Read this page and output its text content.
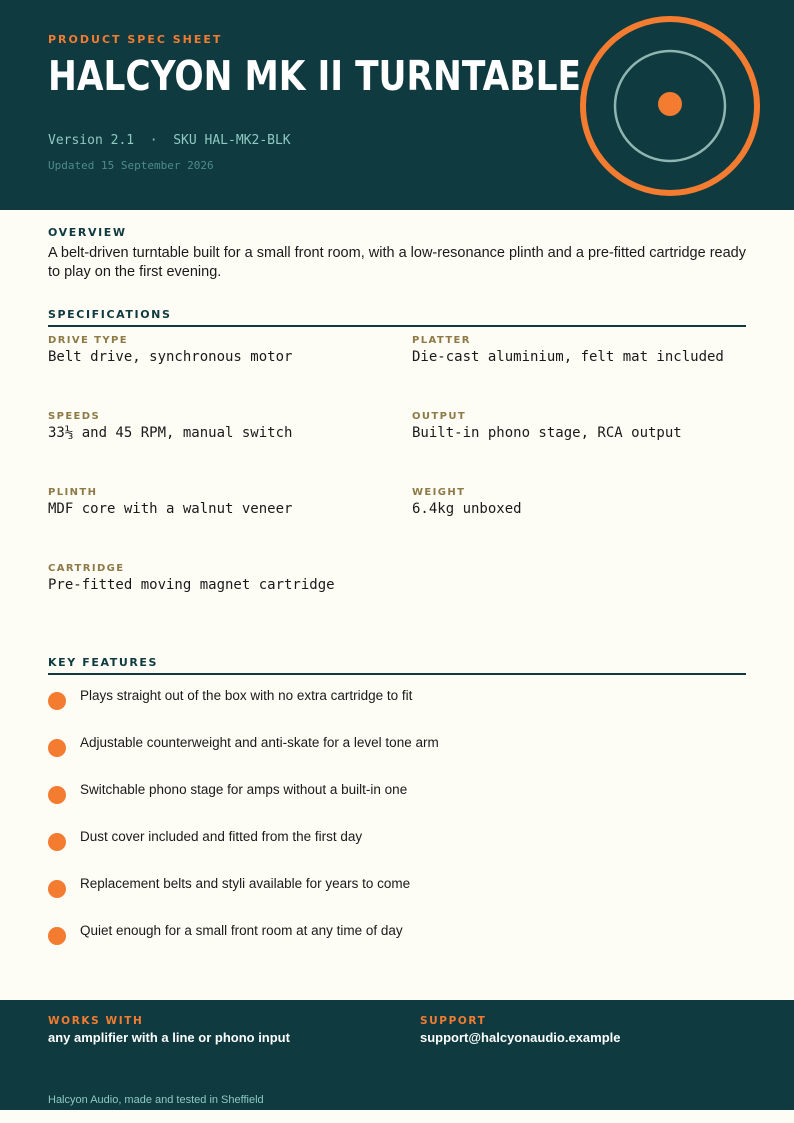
PRODUCT SPEC SHEET
HALCYON MK II TURNTABLE
Version 2.1  ·  SKU HAL-MK2-BLK
Updated 15 September 2026
OVERVIEW
A belt-driven turntable built for a small front room, with a low-resonance plinth and a pre-fitted cartridge ready to play on the first evening.
SPECIFICATIONS
DRIVE TYPE
Belt drive, synchronous motor
PLATTER
Die-cast aluminium, felt mat included
SPEEDS
33⅓ and 45 RPM, manual switch
OUTPUT
Built-in phono stage, RCA output
PLINTH
MDF core with a walnut veneer
WEIGHT
6.4kg unboxed
CARTRIDGE
Pre-fitted moving magnet cartridge
KEY FEATURES
Plays straight out of the box with no extra cartridge to fit
Adjustable counterweight and anti-skate for a level tone arm
Switchable phono stage for amps without a built-in one
Dust cover included and fitted from the first day
Replacement belts and styli available for years to come
Quiet enough for a small front room at any time of day
WORKS WITH
any amplifier with a line or phono input
SUPPORT
support@halcyonaudio.example
Halcyon Audio, made and tested in Sheffield
